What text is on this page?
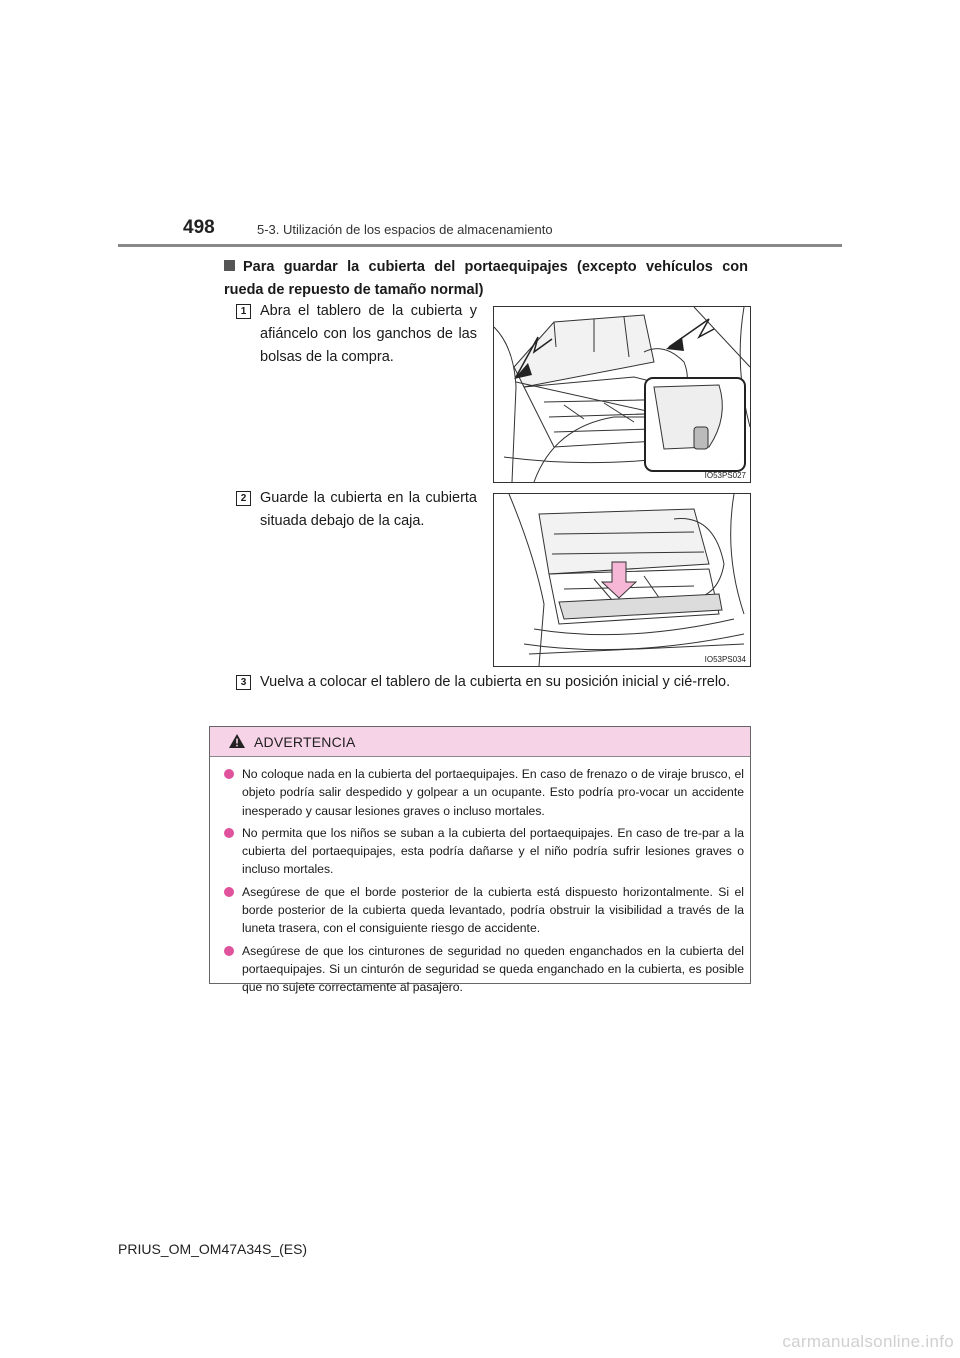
498	5-3. Utilización de los espacios de almacenamiento
Para guardar la cubierta del portaequipajes (excepto vehículos con rueda de repuesto de tamaño normal)
1 Abra el tablero de la cubierta y afiáncelo con los ganchos de las bolsas de la compra.
IO53PS027
2 Guarde la cubierta en la cubierta situada debajo de la caja.
IO53PS034
3 Vuelva a colocar el tablero de la cubierta en su posición inicial y cié-rrelo.
ADVERTENCIA
No coloque nada en la cubierta del portaequipajes. En caso de frenazo o de viraje brusco, el objeto podría salir despedido y golpear a un ocupante. Esto podría pro-vocar un accidente inesperado y causar lesiones graves o incluso mortales.
No permita que los niños se suban a la cubierta del portaequipajes. En caso de tre-par a la cubierta del portaequipajes, esta podría dañarse y el niño podría sufrir lesiones graves o incluso mortales.
Asegúrese de que el borde posterior de la cubierta está dispuesto horizontalmente. Si el borde posterior de la cubierta queda levantado, podría obstruir la visibilidad a través de la luneta trasera, con el consiguiente riesgo de accidente.
Asegúrese de que los cinturones de seguridad no queden enganchados en la cubierta del portaequipajes. Si un cinturón de seguridad se queda enganchado en la cubierta, es posible que no sujete correctamente al pasajero.
PRIUS_OM_OM47A34S_(ES)
carmanualsonline.info
